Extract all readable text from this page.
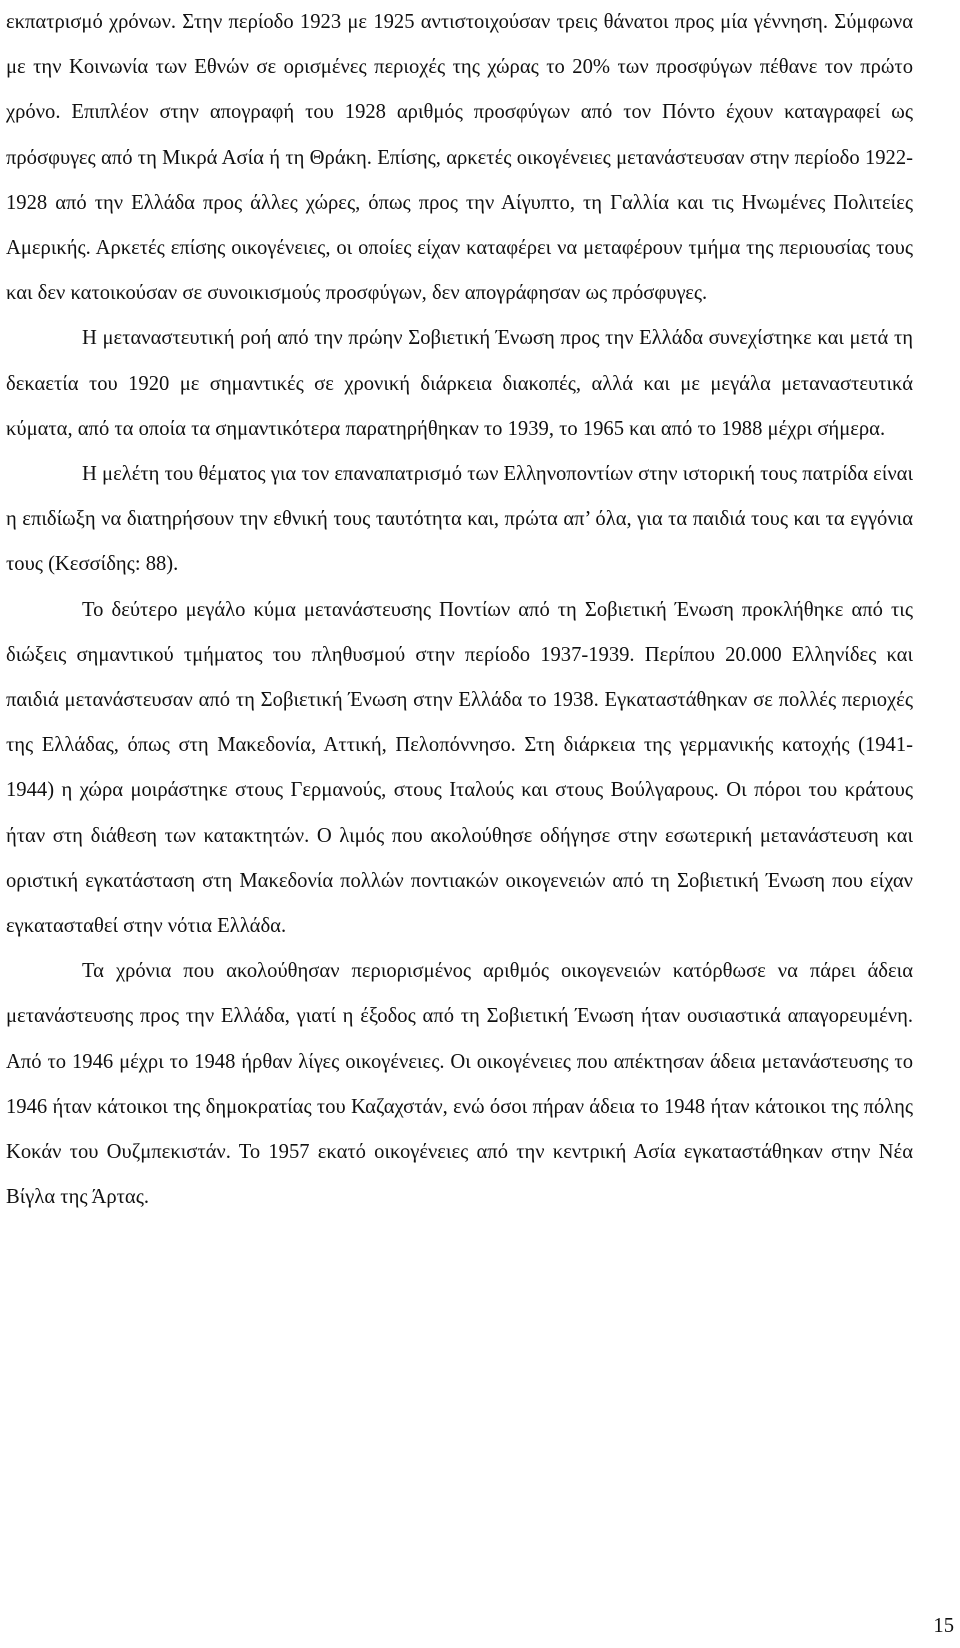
εκπατρισμό χρόνων. Στην περίοδο 1923 με 1925 αντιστοιχούσαν τρεις θάνατοι προς μία γέννηση. Σύμφωνα με την Κοινωνία των Εθνών σε ορισμένες περιοχές της χώρας το 20% των προσφύγων πέθανε τον πρώτο χρόνο. Επιπλέον στην απογραφή του 1928 αριθμός προσφύγων από τον Πόντο έχουν καταγραφεί ως πρόσφυγες από τη Μικρά Ασία ή τη Θράκη. Επίσης, αρκετές οικογένειες μετανάστευσαν στην περίοδο 1922-1928 από την Ελλάδα προς άλλες χώρες, όπως προς την Αίγυπτο, τη Γαλλία και τις Ηνωμένες Πολιτείες Αμερικής. Αρκετές επίσης οικογένειες, οι οποίες είχαν καταφέρει να μεταφέρουν τμήμα της περιουσίας τους και δεν κατοικούσαν σε συνοικισμούς προσφύγων, δεν απογράφησαν ως πρόσφυγες.

Η μεταναστευτική ροή από την πρώην Σοβιετική Ένωση προς την Ελλάδα συνεχίστηκε και μετά τη δεκαετία του 1920 με σημαντικές σε χρονική διάρκεια διακοπές, αλλά και με μεγάλα μεταναστευτικά κύματα, από τα οποία τα σημαντικότερα παρατηρήθηκαν το 1939, το 1965 και από το 1988 μέχρι σήμερα.

Η μελέτη του θέματος για τον επαναπατρισμό των Ελληνοποντίων στην ιστορική τους πατρίδα είναι η επιδίωξη να διατηρήσουν την εθνική τους ταυτότητα και, πρώτα απ’ όλα, για τα παιδιά τους και τα εγγόνια τους (Κεσσίδης: 88).

Το δεύτερο μεγάλο κύμα μετανάστευσης Ποντίων από τη Σοβιετική Ένωση προκλήθηκε από τις διώξεις σημαντικού τμήματος του πληθυσμού στην περίοδο 1937-1939. Περίπου 20.000 Ελληνίδες και παιδιά μετανάστευσαν από τη Σοβιετική Ένωση στην Ελλάδα το 1938. Εγκαταστάθηκαν σε πολλές περιοχές της Ελλάδας, όπως στη Μακεδονία, Αττική, Πελοπόννησο. Στη διάρκεια της γερμανικής κατοχής (1941-1944) η χώρα μοιράστηκε στους Γερμανούς, στους Ιταλούς και στους Βούλγαρους. Οι πόροι του κράτους ήταν στη διάθεση των κατακτητών. Ο λιμός που ακολούθησε οδήγησε στην εσωτερική μετανάστευση και οριστική εγκατάσταση στη Μακεδονία πολλών ποντιακών οικογενειών από τη Σοβιετική Ένωση που είχαν εγκατασταθεί στην νότια Ελλάδα.

Τα χρόνια που ακολούθησαν περιορισμένος αριθμός οικογενειών κατόρθωσε να πάρει άδεια μετανάστευσης προς την Ελλάδα, γιατί η έξοδος από τη Σοβιετική Ένωση ήταν ουσιαστικά απαγορευμένη. Από το 1946 μέχρι το 1948 ήρθαν λίγες οικογένειες. Οι οικογένειες που απέκτησαν άδεια μετανάστευσης το 1946 ήταν κάτοικοι της δημοκρατίας του Καζαχστάν, ενώ όσοι πήραν άδεια το 1948 ήταν κάτοικοι της πόλης Κοκάν του Ουζμπεκιστάν. Το 1957 εκατό οικογένειες από την κεντρική Ασία εγκαταστάθηκαν στην Νέα Βίγλα της Άρτας.

15
